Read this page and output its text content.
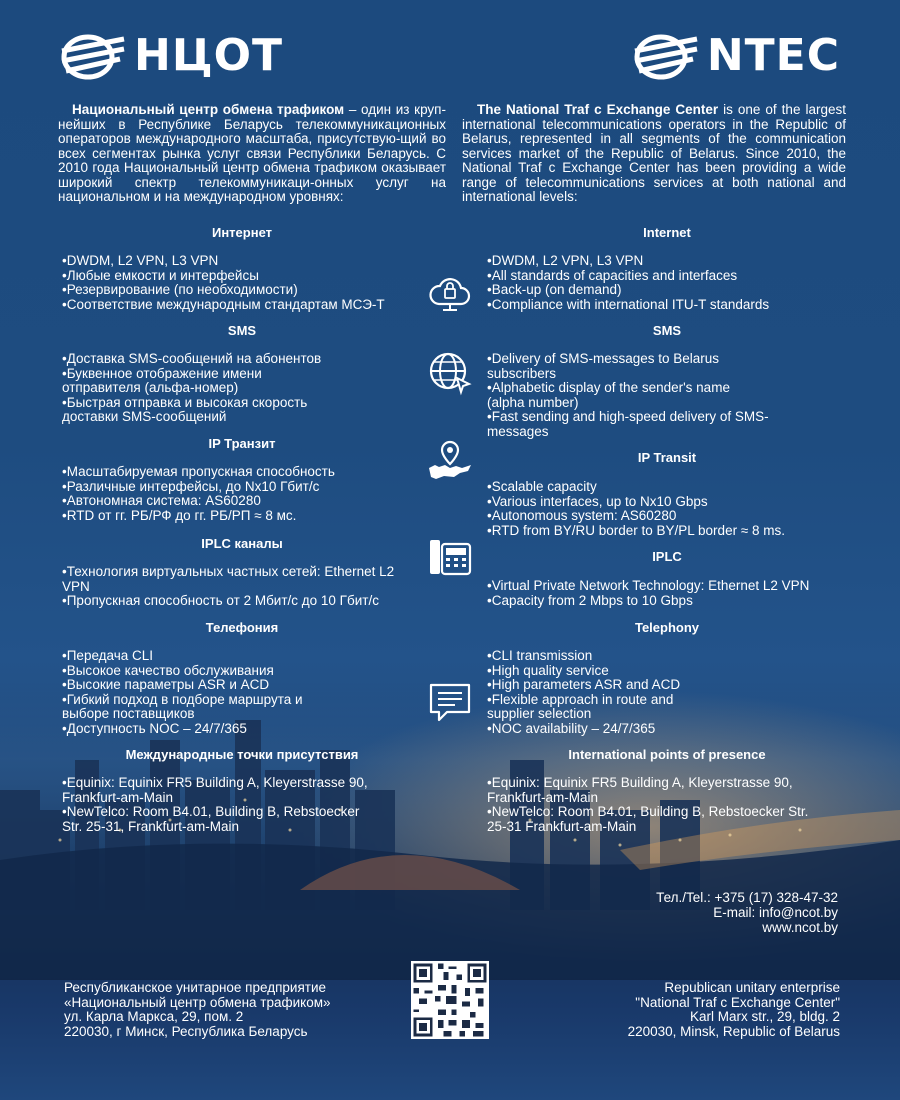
НЦОТ	NTEC
Национальный центр обмена трафиком – один из круп-нейших в Республике Беларусь телекоммуникационных операторов международного масштаба, присутствую-щий во всех сегментах рынка услуг связи Республики Беларусь. С 2010 года Национальный центр обмена трафиком оказывает широкий спектр телекоммуникаци-онных услуг на национальном и на международном уровнях:
The National Traf c Exchange Center is one of the largest international telecommunications operators in the Republic of Belarus, represented in all segments of the communication services market of the Republic of Belarus. Since 2010, the National Traf c Exchange Center has been providing a wide range of telecommunications services at both national and international levels:
Интернет
•DWDM, L2 VPN, L3 VPN
•Любые емкости и интерфейсы
•Резервирование (по необходимости)
•Соответствие международным стандартам МСЭ-Т
SMS
•Доставка SMS-сообщений на абонентов
•Буквенное отображение имени
отправителя (альфа-номер)
•Быстрая отправка и высокая скорость
доставки SMS-сообщений
IP Транзит
•Масштабируемая пропускная способность
•Различные интерфейсы, до Nx10 Гбит/с
•Автономная система: AS60280
•RTD от гг. РБ/РФ до гг. РБ/РП ≈ 8 мс.
IPLC каналы
•Технология виртуальных частных сетей: Ethernet L2
VPN
•Пропускная способность от 2 Мбит/с до 10 Гбит/с
Телефония
•Передача CLI
•Высокое качество обслуживания
•Высокие параметры ASR и ACD
•Гибкий подход в подборе маршрута и
выборе поставщиков
•Доступность NOC – 24/7/365
Международные точки присутствия
•Equinix: Equinix FR5 Building A, Kleyerstrasse 90,
Frankfurt-am-Main
•NewTelco: Room B4.01, Building B, Rebstoecker
Str. 25-31, Frankfurt-am-Main
Internet
•DWDM, L2 VPN, L3 VPN
•All standards of capacities and interfaces
•Back-up (on demand)
•Compliance with international ITU-T standards
SMS
•Delivery of SMS-messages to Belarus
subscribers
•Alphabetic display of the sender's name
(alpha number)
•Fast sending and high-speed delivery of SMS-
messages
IP Transit
•Scalable capacity
•Various interfaces, up to Nx10 Gbps
•Autonomous system: AS60280
•RTD from BY/RU border to BY/PL border ≈ 8 ms.
IPLC
•Virtual Private Network Technology: Ethernet L2 VPN
•Capacity from 2 Mbps to 10 Gbps
Telephony
•CLI transmission
•High quality service
•High parameters ASR and ACD
•Flexible approach in route and
supplier selection
•NOC availability – 24/7/365
International points of presence
•Equinix: Equinix FR5 Building A, Kleyerstrasse 90,
Frankfurt-am-Main
•NewTelco: Room B4.01, Building B, Rebstoecker Str.
25-31 Frankfurt-am-Main
Тел./Tel.: +375 (17) 328-47-32
E-mail: info@ncot.by
www.ncot.by
Республиканское унитарное предприятие
«Национальный центр обмена трафиком»
ул. Карла Маркса, 29, пом. 2
220030, г Минск, Республика Беларусь
Republican unitary enterprise
"National Traf c Exchange Center"
Karl Marx str., 29, bldg. 2
220030, Minsk, Republic of Belarus
